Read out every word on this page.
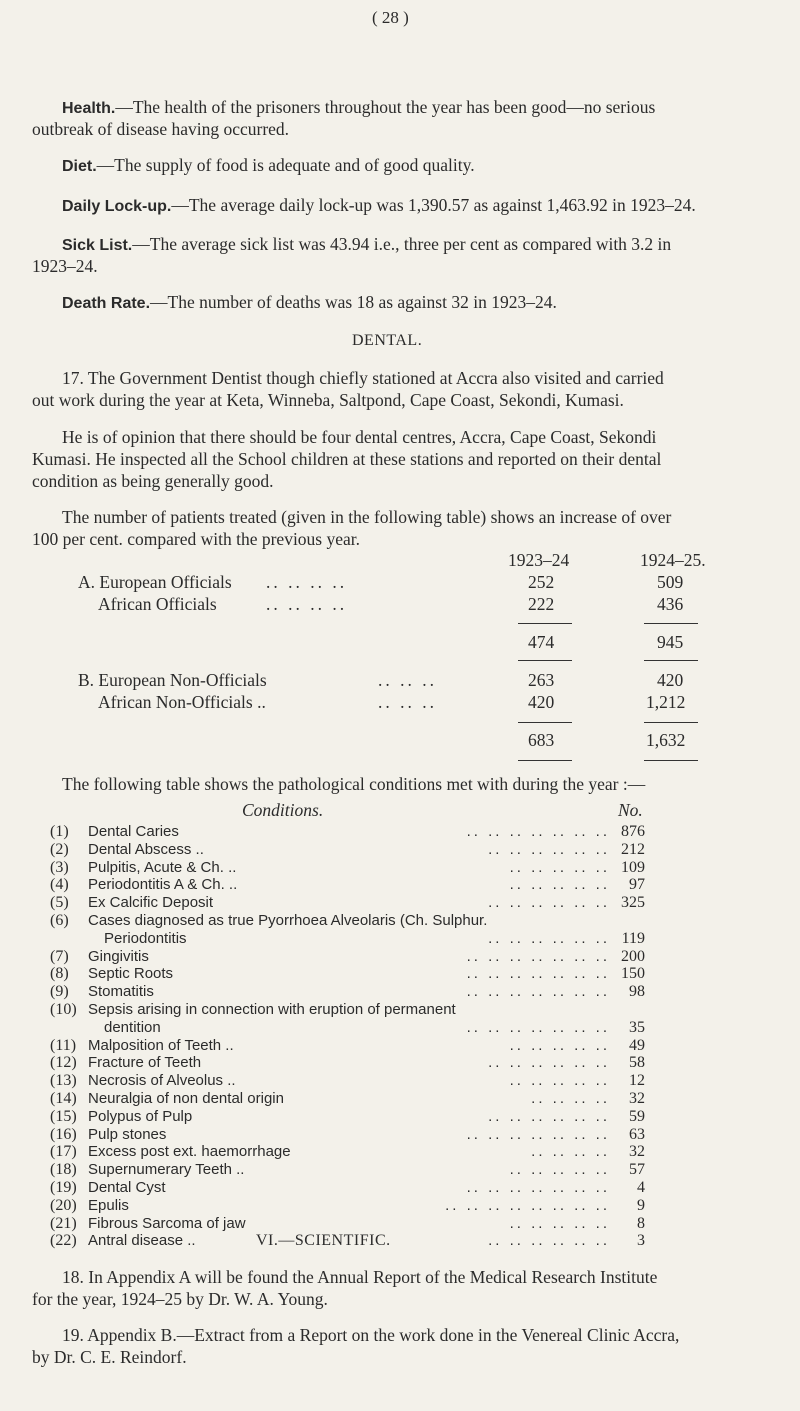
( 28 )
Health.—The health of the prisoners throughout the year has been good—no serious
outbreak of disease having occurred.
Diet.—The supply of food is adequate and of good quality.
Daily Lock-up.—The average daily lock-up was 1,390.57 as against 1,463.92 in 1923–24.
Sick List.—The average sick list was 43.94 i.e., three per cent as compared with 3.2 in
1923–24.
Death Rate.—The number of deaths was 18 as against 32 in 1923–24.
DENTAL.
17. The Government Dentist though chiefly stationed at Accra also visited and carried
out work during the year at Keta, Winneba, Saltpond, Cape Coast, Sekondi, Kumasi.
He is of opinion that there should be four dental centres, Accra, Cape Coast, Sekondi
Kumasi. He inspected all the School children at these stations and reported on their dental
condition as being generally good.
The number of patients treated (given in the following table) shows an increase of over
100 per cent. compared with the previous year.
1923–24	1924–25.
A. European Officials .. .. .. ..	252	509
African Officials	.. .. .. ..	222	436
474	945
B. European Non-Officials	.. .. ..	263	420
African Non-Officials ..	.. .. ..	420	1,212
683	1,632
The following table shows the pathological conditions met with during the year :—
Conditions.	No.
(1) Dental Caries	.. .. .. .. .. .. .. 876
(2) Dental Abscess ..	.. .. .. .. .. .. 212
(3) Pulpitis, Acute & Ch. ..	.. .. .. .. .. 109
(4) Periodontitis A & Ch. ..	.. .. .. .. .. 97
(5) Ex Calcific Deposit	.. .. .. .. .. .. 325
(6) Cases diagnosed as true Pyorrhoea Alveolaris (Ch. Sulphur.
Periodontitis	.. .. .. .. .. .. 119
(7) Gingivitis	.. .. .. .. .. .. .. 200
(8) Septic Roots	.. .. .. .. .. .. .. 150
(9) Stomatitis	.. .. .. .. .. .. .. 98
(10) Sepsis arising in connection with eruption of permanent
dentition	.. .. .. .. .. .. .. 35
(11) Malposition of Teeth ..	.. .. .. .. .. 49
(12) Fracture of Teeth	.. .. .. .. .. .. 58
(13) Necrosis of Alveolus ..	.. .. .. .. .. 12
(14) Neuralgia of non dental origin	.. .. .. .. 32
(15) Polypus of Pulp	.. .. .. .. .. .. 59
(16) Pulp stones	.. .. .. .. .. .. .. 63
(17) Excess post ext. haemorrhage	.. .. .. .. 32
(18) Supernumerary Teeth ..	.. .. .. .. .. 57
(19) Dental Cyst	.. .. .. .. .. .. .. 4
(20) Epulis	.. .. .. .. .. .. .. .. 9
(21) Fibrous Sarcoma of jaw	.. .. .. .. .. 8
(22) Antral disease ..	.. .. .. .. .. .. 3
VI.—SCIENTIFIC.
18. In Appendix A will be found the Annual Report of the Medical Research Institute
for the year, 1924–25 by Dr. W. A. Young.
19. Appendix B.—Extract from a Report on the work done in the Venereal Clinic Accra,
by Dr. C. E. Reindorf.
